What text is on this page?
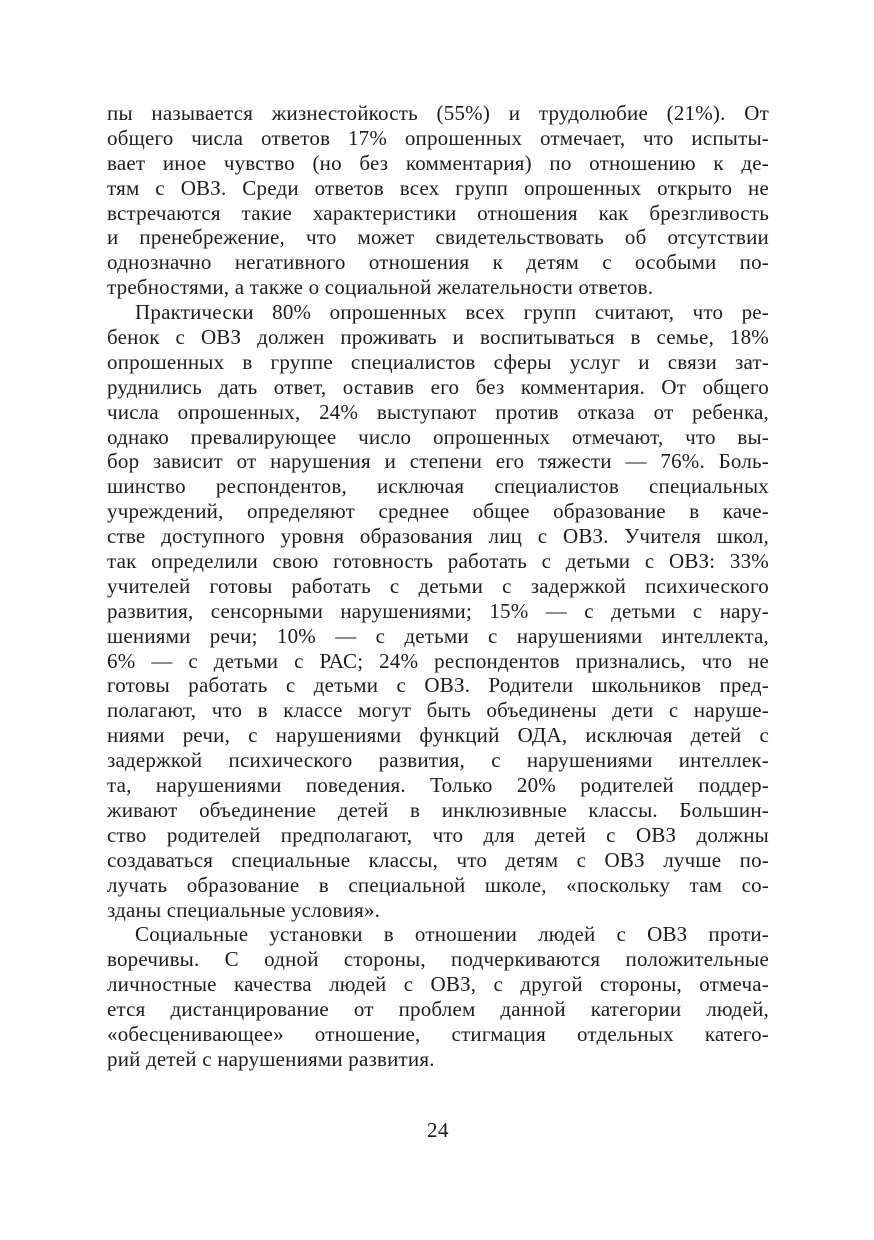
пы называется жизнестойкость (55%) и трудолюбие (21%). От
общего числа ответов 17% опрошенных отмечает, что испыты-
вает иное чувство (но без комментария) по отношению к де-
тям с ОВЗ. Среди ответов всех групп опрошенных открыто не
встречаются такие характеристики отношения как брезгливость
и пренебрежение, что может свидетельствовать об отсутствии
однозначно негативного отношения к детям с особыми по-
требностями, а также о социальной желательности ответов.
Практически 80% опрошенных всех групп считают, что ре-
бенок с ОВЗ должен проживать и воспитываться в семье, 18%
опрошенных в группе специалистов сферы услуг и связи зат-
руднились дать ответ, оставив его без комментария. От общего
числа опрошенных, 24% выступают против отказа от ребенка,
однако превалирующее число опрошенных отмечают, что вы-
бор зависит от нарушения и степени его тяжести — 76%. Боль-
шинство респондентов, исключая специалистов специальных
учреждений, определяют среднее общее образование в каче-
стве доступного уровня образования лиц с ОВЗ. Учителя школ,
так определили свою готовность работать с детьми с ОВЗ: 33%
учителей готовы работать с детьми с задержкой психического
развития, сенсорными нарушениями; 15% — с детьми с нару-
шениями речи; 10% — с детьми с нарушениями интеллекта,
6% — с детьми с РАС; 24% респондентов признались, что не
готовы работать с детьми с ОВЗ. Родители школьников пред-
полагают, что в классе могут быть объединены дети с наруше-
ниями речи, с нарушениями функций ОДА, исключая детей с
задержкой психического развития, с нарушениями интеллек-
та, нарушениями поведения. Только 20% родителей поддер-
живают объединение детей в инклюзивные классы. Большин-
ство родителей предполагают, что для детей с ОВЗ должны
создаваться специальные классы, что детям с ОВЗ лучше по-
лучать образование в специальной школе, «поскольку там со-
зданы специальные условия».
Социальные установки в отношении людей с ОВЗ проти-
воречивы. С одной стороны, подчеркиваются положительные
личностные качества людей с ОВЗ, с другой стороны, отмеча-
ется дистанцирование от проблем данной категории людей,
«обесценивающее» отношение, стигмация отдельных катего-
рий детей с нарушениями развития.
24
